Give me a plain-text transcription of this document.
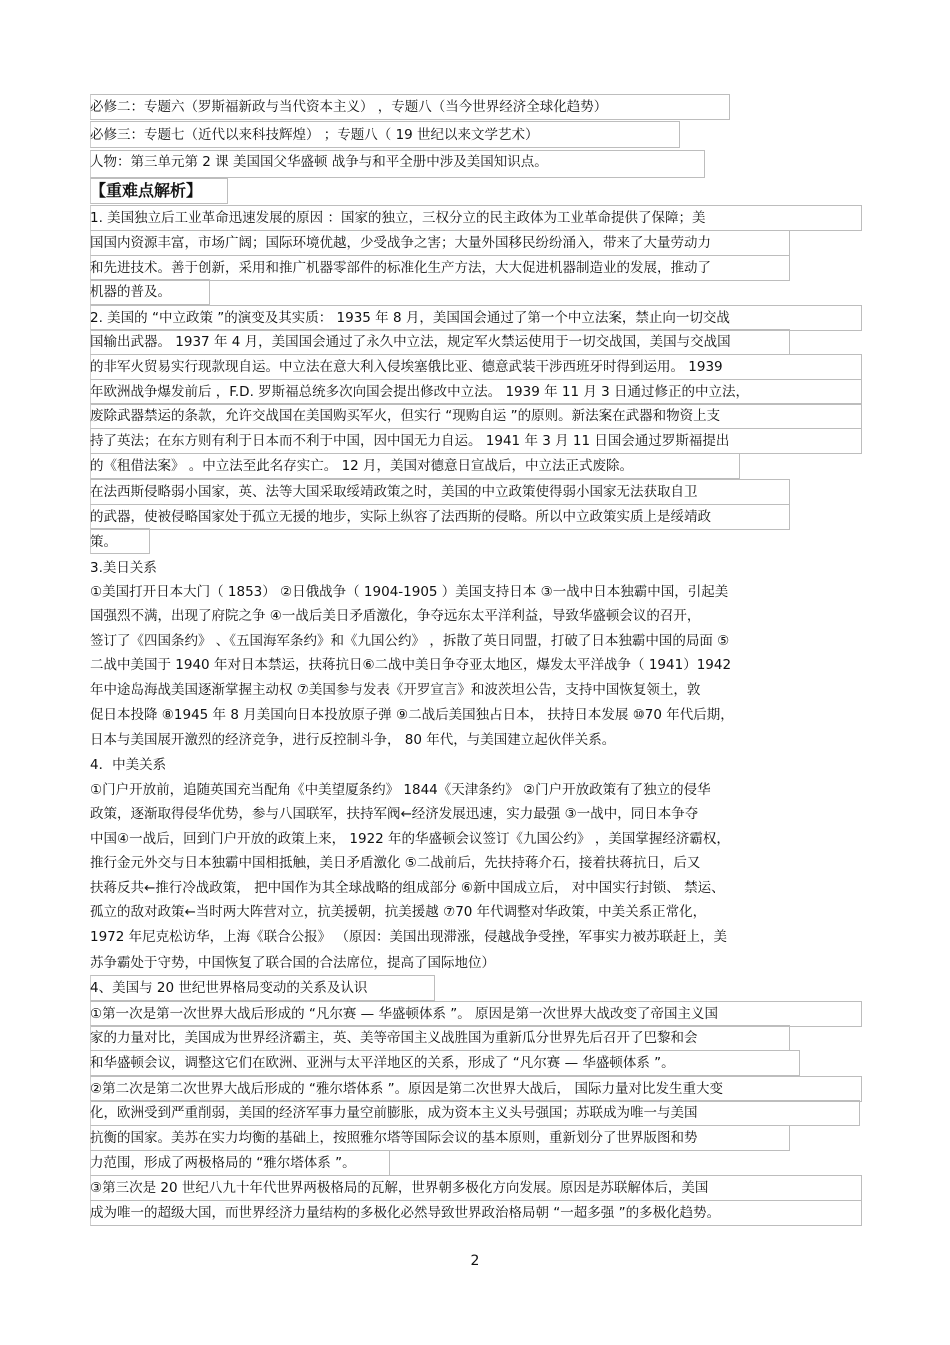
必修二：专题六（罗斯福新政与当代资本主义） ，专题八（当今世界经济全球化趋势）
必修三：专题七（近代以来科技辉煌） ；专题八（ 19 世纪以来文学艺术）
人物：第三单元第 2 课 美国国父华盛顿 战争与和平全册中涉及美国知识点。
【重难点解析】
1. 美国独立后工业革命迅速发展的原因 ：国家的独立，三权分立的民主政体为工业革命提供了保障；美
国国内资源丰富，市场广阔；国际环境优越，少受战争之害；大量外国移民纷纷涌入，带来了大量劳动力
和先进技术。善于创新，采用和推广机器零部件的标准化生产方法，大大促进机器制造业的发展，推动了
机器的普及。
2. 美国的 “中立政策 ”的演变及其实质： 1935 年 8 月，美国国会通过了第一个中立法案，禁止向一切交战
国输出武器。 1937 年 4 月，美国国会通过了永久中立法，规定军火禁运使用于一切交战国，美国与交战国
的非军火贸易实行现款现自运。中立法在意大利入侵埃塞俄比亚、德意武装干涉西班牙时得到运用。 1939
年欧洲战争爆发前后 ，F.D. 罗斯福总统多次向国会提出修改中立法。 1939 年 11 月 3 日通过修正的中立法，
废除武器禁运的条款，允许交战国在美国购买军火，但实行 “现购自运 ”的原则。新法案在武器和物资上支
持了英法；在东方则有利于日本而不利于中国，因中国无力自运。 1941 年 3 月 11 日国会通过罗斯福提出
的《租借法案》 。中立法至此名存实亡。 12 月，美国对德意日宣战后，中立法正式废除。
在法西斯侵略弱小国家，英、法等大国采取绥靖政策之时，美国的中立政策使得弱小国家无法获取自卫
的武器，使被侵略国家处于孤立无援的地步，实际上纵容了法西斯的侵略。所以中立政策实质上是绥靖政
策。
3.美日关系
①美国打开日本大门（ 1853） ②日俄战争（ 1904-1905 ）美国支持日本 ③一战中日本独霸中国，引起美
国强烈不满，出现了府院之争 ④一战后美日矛盾激化，争夺远东太平洋利益，导致华盛顿会议的召开，
签订了《四国条约》 、《五国海军条约》和《九国公约》 ，拆散了英日同盟，打破了日本独霸中国的局面 ⑤
二战中美国于 1940 年对日本禁运，扶蒋抗日⑥二战中美日争夺亚太地区，爆发太平洋战争（ 1941）1942
年中途岛海战美国逐渐掌握主动权 ⑦美国参与发表《开罗宣言》和波茨坦公告，支持中国恢复领土，敦
促日本投降 ⑧1945 年 8 月美国向日本投放原子弹 ⑨二战后美国独占日本， 扶持日本发展 ⑩70 年代后期，
日本与美国展开激烈的经济竞争，进行反控制斗争， 80 年代，与美国建立起伙伴关系。
4．中美关系
①门户开放前，追随英国充当配角《中美望厦条约》 1844《天津条约》 ②门户开放政策有了独立的侵华
政策，逐渐取得侵华优势，参与八国联军，扶持军阀←经济发展迅速，实力最强 ③一战中，同日本争夺
中国④一战后，回到门户开放的政策上来， 1922 年的华盛顿会议签订《九国公约》 ，美国掌握经济霸权，
推行金元外交与日本独霸中国相抵触，美日矛盾激化 ⑤二战前后，先扶持蒋介石，接着扶蒋抗日，后又
扶蒋反共←推行冷战政策， 把中国作为其全球战略的组成部分 ⑥新中国成立后， 对中国实行封锁、 禁运、
孤立的敌对政策←当时两大阵营对立，抗美援朝，抗美援越 ⑦70 年代调整对华政策，中美关系正常化，
1972 年尼克松访华，上海《联合公报》 （原因：美国出现滞涨，侵越战争受挫，军事实力被苏联赶上，美
苏争霸处于守势，中国恢复了联合国的合法席位，提高了国际地位）
4、美国与 20 世纪世界格局变动的关系及认识
①第一次是第一次世界大战后形成的 “凡尔赛 — 华盛顿体系 ”。 原因是第一次世界大战改变了帝国主义国
家的力量对比，美国成为世界经济霸主，英、美等帝国主义战胜国为重新瓜分世界先后召开了巴黎和会
和华盛顿会议，调整这它们在欧洲、亚洲与太平洋地区的关系，形成了 “凡尔赛 — 华盛顿体系 ”。
②第二次是第二次世界大战后形成的 “雅尔塔体系 ”。原因是第二次世界大战后， 国际力量对比发生重大变
化，欧洲受到严重削弱，美国的经济军事力量空前膨胀，成为资本主义头号强国；苏联成为唯一与美国
抗衡的国家。美苏在实力均衡的基础上，按照雅尔塔等国际会议的基本原则，重新划分了世界版图和势
力范围，形成了两极格局的 “雅尔塔体系 ”。
③第三次是 20 世纪八九十年代世界两极格局的瓦解，世界朝多极化方向发展。原因是苏联解体后，美国
成为唯一的超级大国，而世界经济力量结构的多极化必然导致世界政治格局朝 “一超多强 ”的多极化趋势。
2
